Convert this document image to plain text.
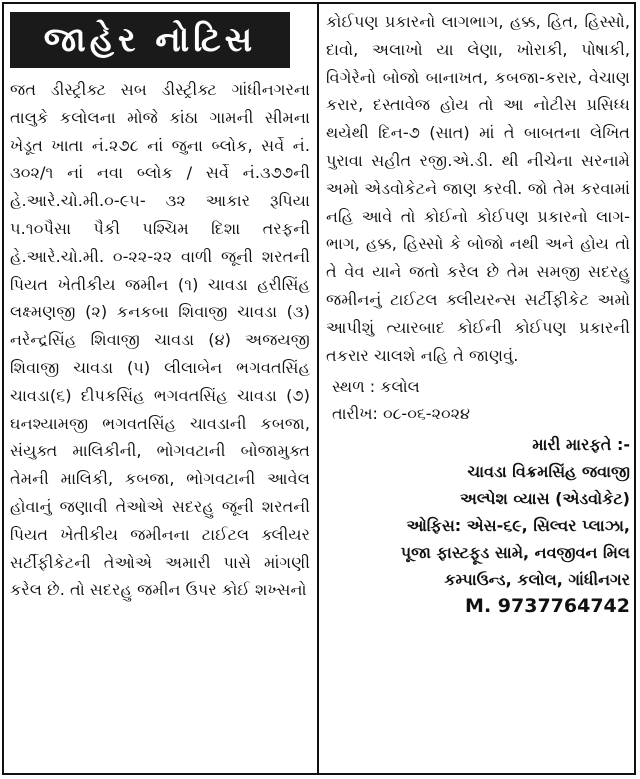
જાહેર નોટિસ

જત ડીસ્ટ્રીક્ટ સબ ડીસ્ટ્રીક્ટ ગાંધીનગરના તાલુકે કલોલના મોજે કાંઠા ગામની સીમના ખેડૂત ખાતા નં.૨૭૮ નાં જુના બ્લોક, સર્વે નં. ૩૦૨/૧ નાં નવા બ્લોક / સર્વે નં.૩૭૭ની હે.આરે.ચો.મી.૦-૯૫- ૩૨ આકાર રૂપિયા ૫.૧૦પૈસા પૈકી પશ્ચિમ દિશા તરફની હે.આરે.ચો.મી. ૦-૨૨-૨૨ વાળી જૂની શરતની પિયત ખેતીકીય જમીન (૧) ચાવડા હરીસિંહ લક્ષ્મણજી (૨) કનકબા શિવાજી ચાવડા (૩) નરેન્દ્રસિંહ શિવાજી ચાવડા (૪) અજયજી શિવાજી ચાવડા (૫) લીલાબેન ભગવતસિંહ ચાવડા(૬) દીપકસિંહ ભગવતસિંહ ચાવડા (૭) ઘનશ્યામજી ભગવતસિંહ ચાવડાની કબજા, સંયુક્ત માલિકીની, ભોગવટાની બોજામુક્ત તેમની માલિકી, કબજા, ભોગવટાની આવેલ હોવાનું જણાવી તેઓએ સદરહુ જૂની શરતની પિયત ખેતીકીય જમીનના ટાઈટલ ક્લીયર સર્ટીફીકેટની તેઓએ અમારી પાસે માંગણી કરેલ છે. તો સદરહુ જમીન ઉપર કોઈ શખ્સનો

કોઈપણ પ્રકારનો લાગભાગ, હક્ક, હિત, હિસ્સો, દાવો, અલાખો યા લેણા, ખોરાકી, પોષાકી, વિગેરેનો બોજો બાનાખત, કબજા-કરાર, વેચાણ કરાર, દસ્તાવેજ હોય તો આ નોટીસ પ્રસિધ્ધ થયેથી દિન-૭ (સાત) માં તે બાબતના લેખિત પુરાવા સહીત રજી.એ.ડી. થી નીચેના સરનામે અમો એડવોકેટને જાણ કરવી. જો તેમ કરવામાં નહિ આવે તો કોઈનો કોઈપણ પ્રકારનો લાગ-ભાગ, હક્ક, હિસ્સો કે બોજો નથી અને હોય તો તે વેવ યાને જતો કરેલ છે તેમ સમજી સદરહુ જમીનનું ટાઈટલ ક્લીયરન્સ સર્ટીફીકેટ અમો આપીશું ત્યારબાદ કોઈની કોઈપણ પ્રકારની તકરાર ચાલશે નહિ તે જાણવું.

સ્થળ : કલોલ
તારીખ: ૦૮-૦૬-૨૦૨૪
મારી મારફતે :-
ચાવડા વિક્રમસિંહ જવાજી
અલ્પેશ વ્યાસ (એડવોકેટ)
ઓફિસ: એસ-૬૯, સિલ્વર પ્લાઝા,
પૂજા ફાસ્ટફૂડ સામે, નવજીવન મિલ
કમ્પાઉન્ડ, કલોલ, ગાંધીનગર
M. 9737764742
